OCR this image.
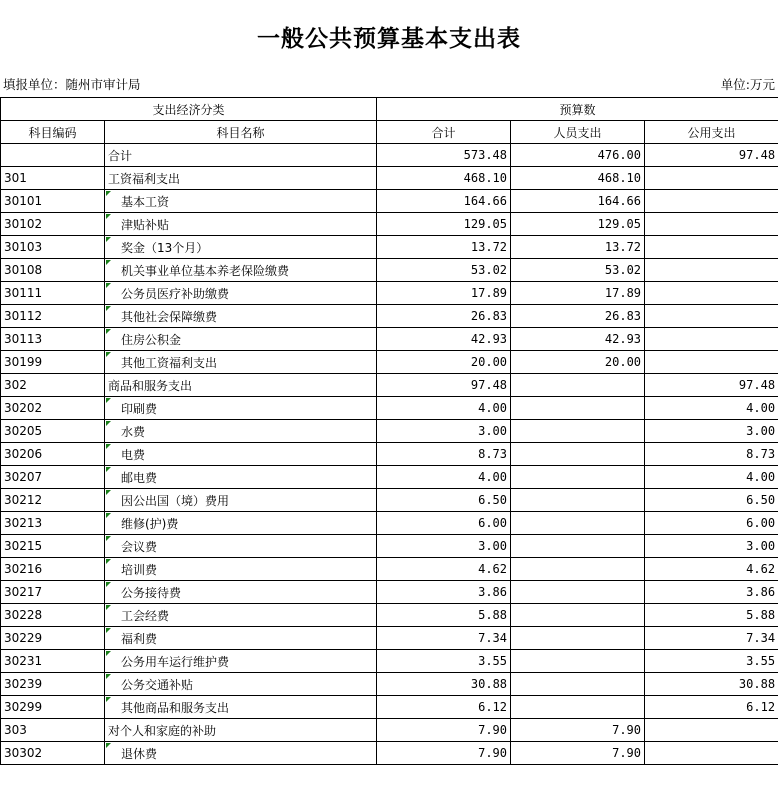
一般公共预算基本支出表
填报单位：随州市审计局	单位:万元
支出经济分类		预算数		
科目编码	科目名称	合计	人员支出	公用支出
	合计	573.48	476.00	97.48
301	工资福利支出	468.10	468.10	
30101	基本工资	164.66	164.66	
30102	津贴补贴	129.05	129.05	
30103	奖金（13个月）	13.72	13.72	
30108	机关事业单位基本养老保险缴费	53.02	53.02	
30111	公务员医疗补助缴费	17.89	17.89	
30112	其他社会保障缴费	26.83	26.83	
30113	住房公积金	42.93	42.93	
30199	其他工资福利支出	20.00	20.00	
302	商品和服务支出	97.48		97.48
30202	印刷费	4.00		4.00
30205	水费	3.00		3.00
30206	电费	8.73		8.73
30207	邮电费	4.00		4.00
30212	因公出国（境）费用	6.50		6.50
30213	维修(护)费	6.00		6.00
30215	会议费	3.00		3.00
30216	培训费	4.62		4.62
30217	公务接待费	3.86		3.86
30228	工会经费	5.88		5.88
30229	福利费	7.34		7.34
30231	公务用车运行维护费	3.55		3.55
30239	公务交通补贴	30.88		30.88
30299	其他商品和服务支出	6.12		6.12
303	对个人和家庭的补助	7.90	7.90	
30302	退休费	7.90	7.90	
